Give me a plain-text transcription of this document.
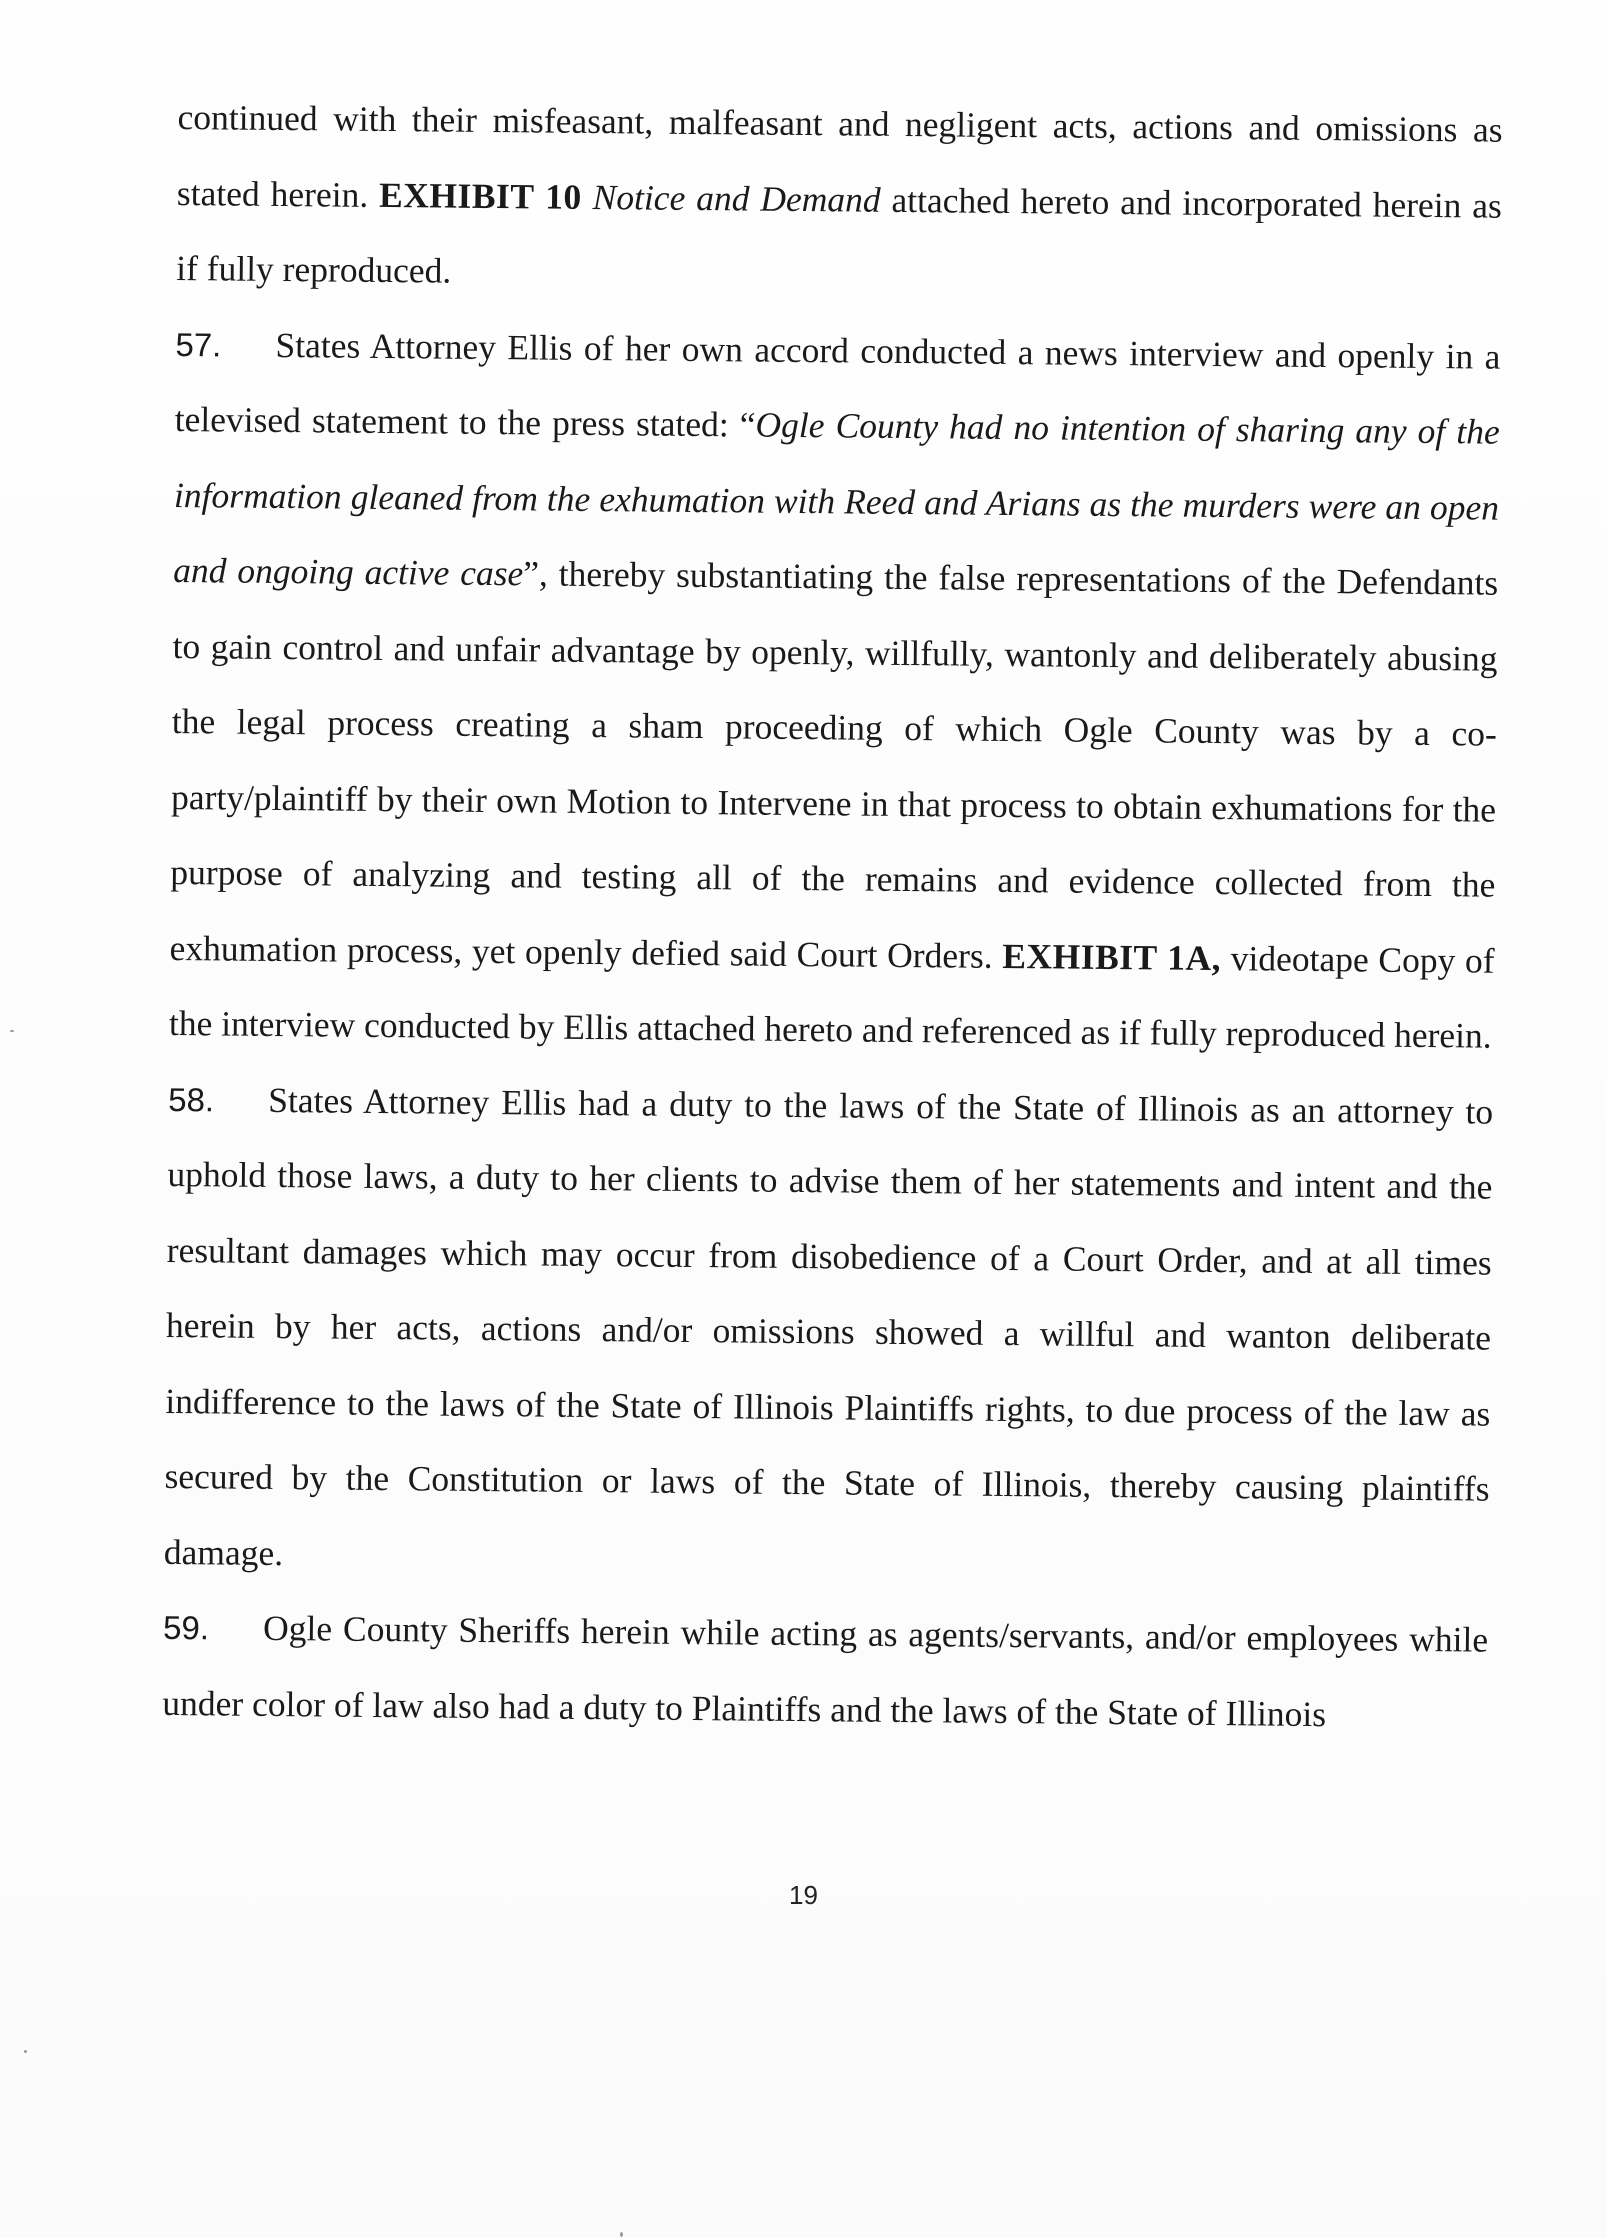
continued with their misfeasant, malfeasant and negligent acts, actions and omissions as stated herein. EXHIBIT 10 Notice and Demand attached hereto and incorporated herein as if fully reproduced.

57. States Attorney Ellis of her own accord conducted a news interview and openly in a televised statement to the press stated: “Ogle County had no intention of sharing any of the information gleaned from the exhumation with Reed and Arians as the murders were an open and ongoing active case”, thereby substantiating the false representations of the Defendants to gain control and unfair advantage by openly, willfully, wantonly and deliberately abusing the legal process creating a sham proceeding of which Ogle County was by a co-party/plaintiff by their own Motion to Intervene in that process to obtain exhumations for the purpose of analyzing and testing all of the remains and evidence collected from the exhumation process, yet openly defied said Court Orders. EXHIBIT 1A, videotape Copy of the interview conducted by Ellis attached hereto and referenced as if fully reproduced herein.

58. States Attorney Ellis had a duty to the laws of the State of Illinois as an attorney to uphold those laws, a duty to her clients to advise them of her statements and intent and the resultant damages which may occur from disobedience of a Court Order, and at all times herein by her acts, actions and/or omissions showed a willful and wanton deliberate indifference to the laws of the State of Illinois Plaintiffs rights, to due process of the law as secured by the Constitution or laws of the State of Illinois, thereby causing plaintiffs damage.

59. Ogle County Sheriffs herein while acting as agents/servants, and/or employees while under color of law also had a duty to Plaintiffs and the laws of the State of Illinois

19
